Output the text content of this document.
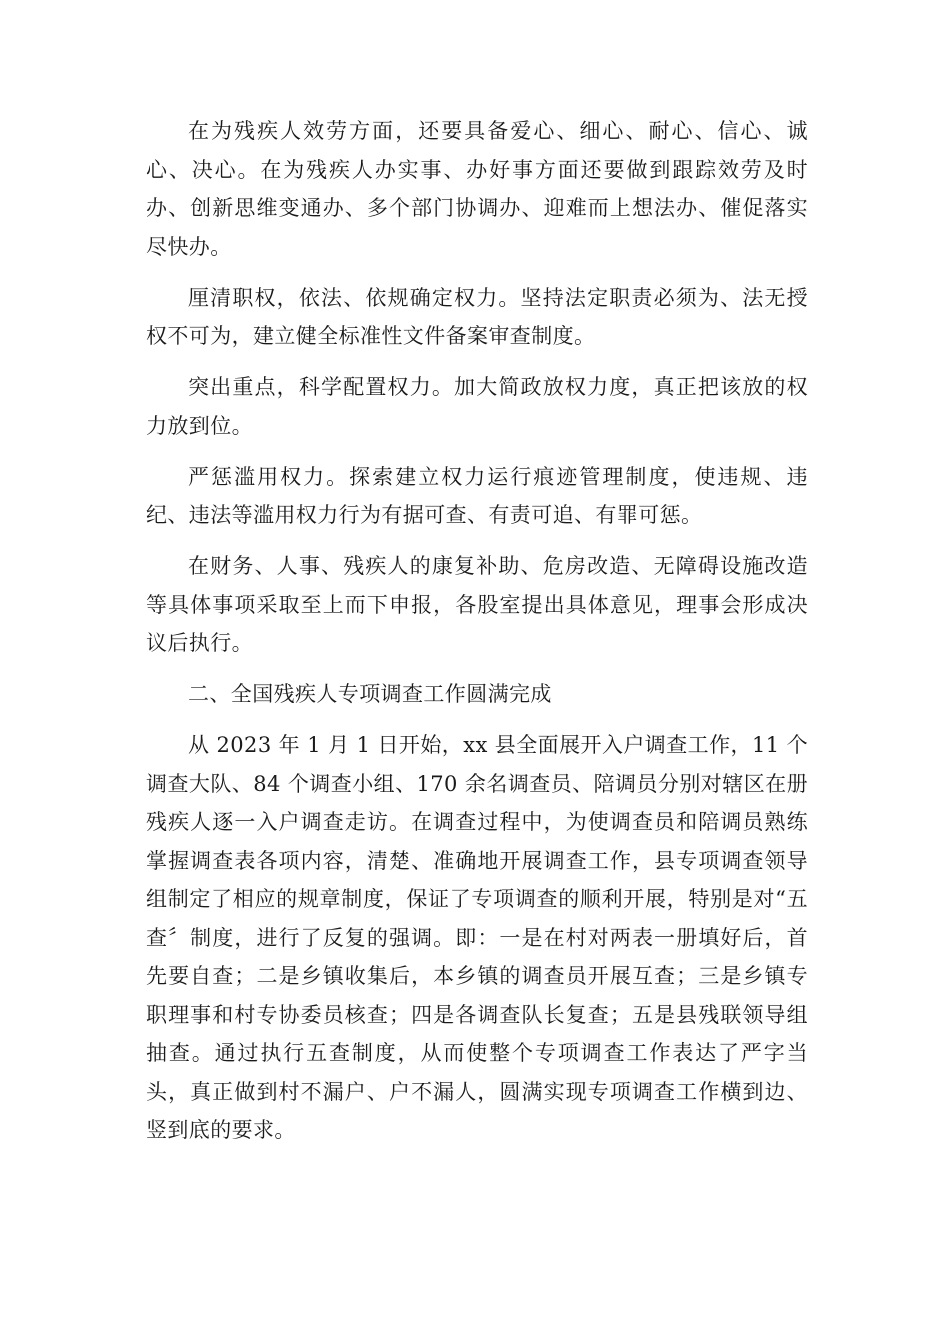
在为残疾人效劳方面，还要具备爱心、细心、耐心、信心、诚心、决心。在为残疾人办实事、办好事方面还要做到跟踪效劳及时办、创新思维变通办、多个部门协调办、迎难而上想法办、催促落实尽快办。

厘清职权，依法、依规确定权力。坚持法定职责必须为、法无授权不可为，建立健全标准性文件备案审查制度。

突出重点，科学配置权力。加大简政放权力度，真正把该放的权力放到位。

严惩滥用权力。探索建立权力运行痕迹管理制度，使违规、违纪、违法等滥用权力行为有据可查、有责可追、有罪可惩。

在财务、人事、残疾人的康复补助、危房改造、无障碍设施改造等具体事项采取至上而下申报，各股室提出具体意见，理事会形成决议后执行。

二、全国残疾人专项调查工作圆满完成

从 2023 年 1 月 1 日开始，xx 县全面展开入户调查工作，11 个调查大队、84 个调查小组、170 余名调查员、陪调员分别对辖区在册残疾人逐一入户调查走访。在调查过程中，为使调查员和陪调员熟练掌握调查表各项内容，清楚、准确地开展调查工作，县专项调查领导组制定了相应的规章制度，保证了专项调查的顺利开展，特别是对“五查〞制度，进行了反复的强调。即：一是在村对两表一册填好后，首先要自查；二是乡镇收集后，本乡镇的调查员开展互查；三是乡镇专职理事和村专协委员核查；四是各调查队长复查；五是县残联领导组抽查。通过执行五查制度，从而使整个专项调查工作表达了严字当头，真正做到村不漏户、户不漏人，圆满实现专项调查工作横到边、竖到底的要求。
